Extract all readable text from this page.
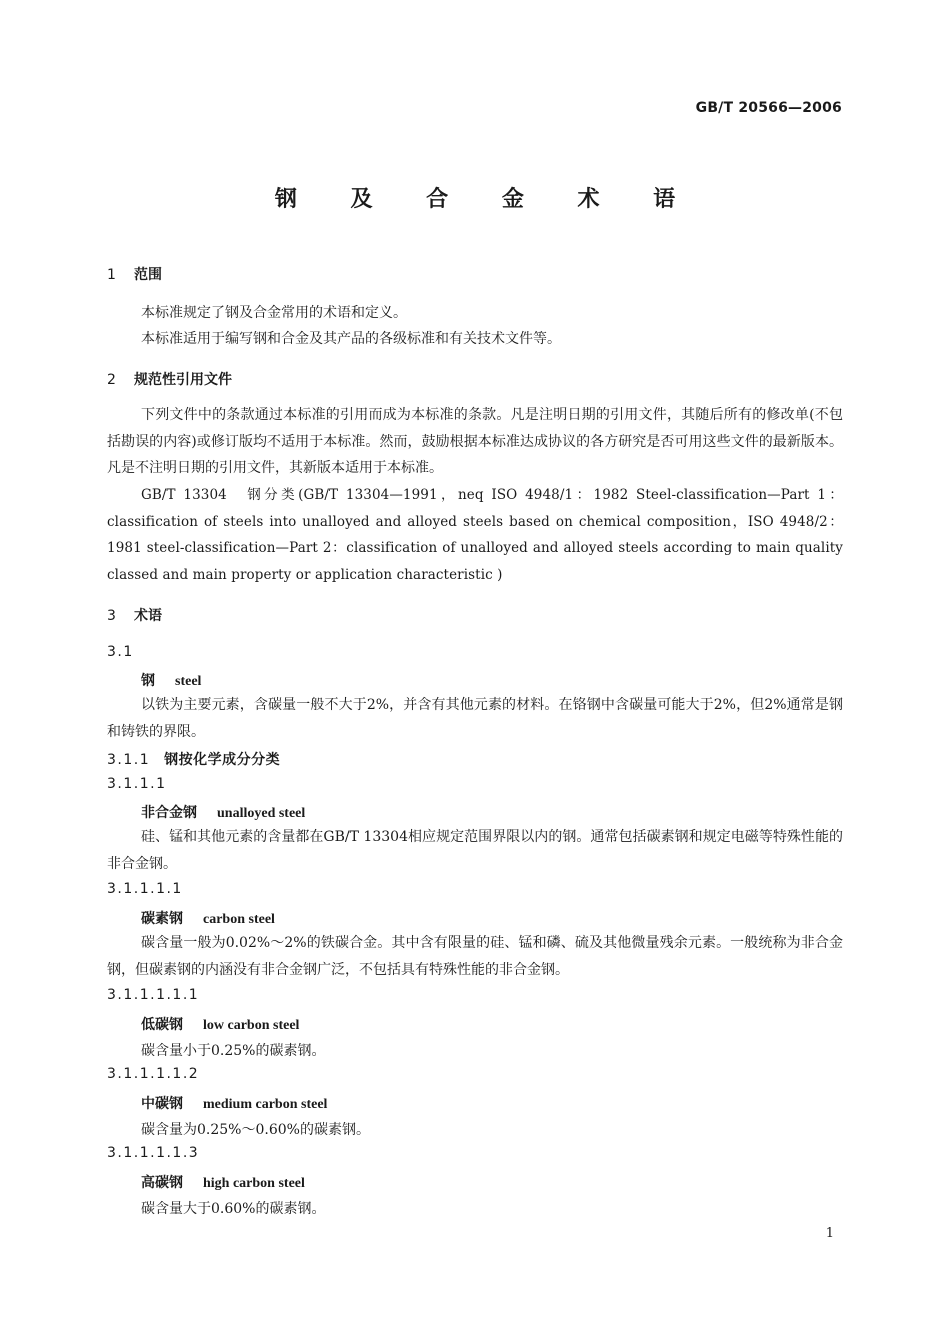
GB/T 20566—2006
钢 及 合 金 术 语
1 范围
本标准规定了钢及合金常用的术语和定义。
本标准适用于编写钢和合金及其产品的各级标准和有关技术文件等。
2 规范性引用文件
下列文件中的条款通过本标准的引用而成为本标准的条款。凡是注明日期的引用文件，其随后所有的修改单(不包括勘误的内容)或修订版均不适用于本标准。然而，鼓励根据本标准达成协议的各方研究是否可用这些文件的最新版本。凡是不注明日期的引用文件，其新版本适用于本标准。
GB/T 13304　钢分类(GB/T 13304—1991，neq ISO 4948/1：1982 Steel-classification—Part 1：classification of steels into unalloyed and alloyed steels based on chemical composition，ISO 4948/2：1981 steel-classification—Part 2：classification of unalloyed and alloyed steels according to main quality classed and main property or application characteristic )
3 术语
3.1
钢 steel
以铁为主要元素，含碳量一般不大于2%，并含有其他元素的材料。在铬钢中含碳量可能大于2%，但2%通常是钢和铸铁的界限。
3.1.1 钢按化学成分分类
3.1.1.1
非合金钢 unalloyed steel
硅、锰和其他元素的含量都在GB/T 13304相应规定范围界限以内的钢。通常包括碳素钢和规定电磁等特殊性能的非合金钢。
3.1.1.1.1
碳素钢 carbon steel
碳含量一般为0.02%～2%的铁碳合金。其中含有限量的硅、锰和磷、硫及其他微量残余元素。一般统称为非合金钢，但碳素钢的内涵没有非合金钢广泛，不包括具有特殊性能的非合金钢。
3.1.1.1.1.1
低碳钢 low carbon steel
碳含量小于0.25%的碳素钢。
3.1.1.1.1.2
中碳钢 medium carbon steel
碳含量为0.25%～0.60%的碳素钢。
3.1.1.1.1.3
高碳钢 high carbon steel
碳含量大于0.60%的碳素钢。
1
